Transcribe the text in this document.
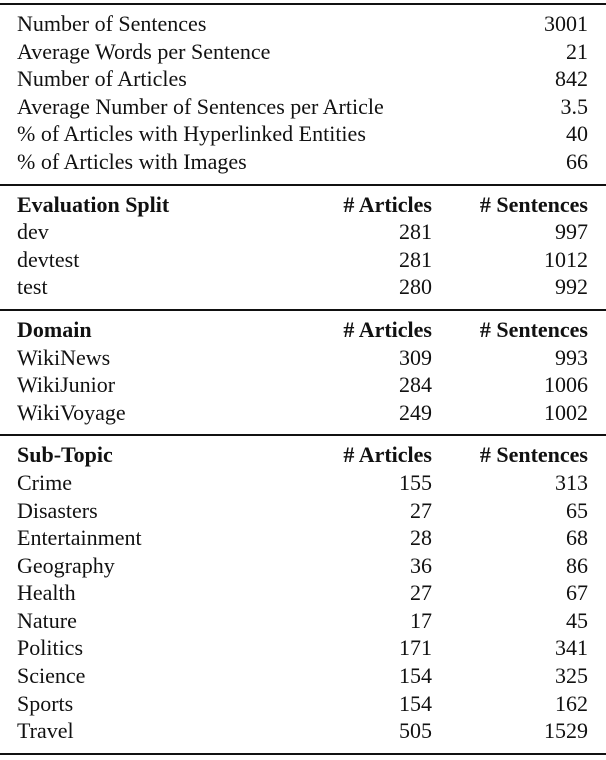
Number of Sentences	3001
Average Words per Sentence	21
Number of Articles	842
Average Number of Sentences per Article	3.5
% of Articles with Hyperlinked Entities	40
% of Articles with Images	66
Evaluation Split	# Articles	# Sentences
dev	281	997
devtest	281	1012
test	280	992
Domain	# Articles	# Sentences
WikiNews	309	993
WikiJunior	284	1006
WikiVoyage	249	1002
Sub-Topic	# Articles	# Sentences
Crime	155	313
Disasters	27	65
Entertainment	28	68
Geography	36	86
Health	27	67
Nature	17	45
Politics	171	341
Science	154	325
Sports	154	162
Travel	505	1529
